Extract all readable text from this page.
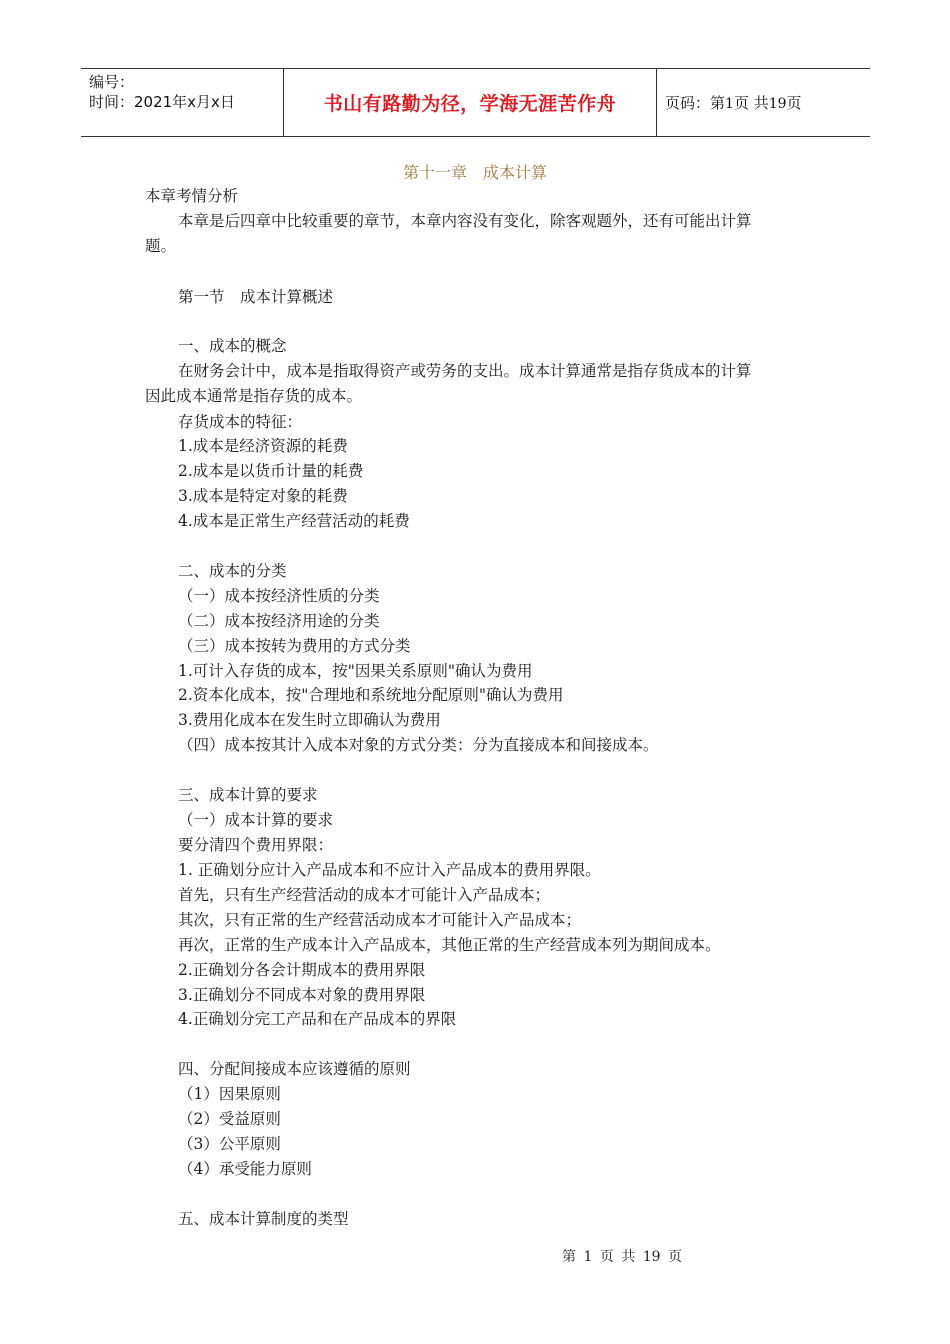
编号：
时间：2021年x月x日	书山有路勤为径，学海无涯苦作舟	页码：第1页 共19页
第十一章　成本计算
本章考情分析
本章是后四章中比较重要的章节，本章内容没有变化，除客观题外，还有可能出计算
题。
第一节　成本计算概述
一、成本的概念
在财务会计中，成本是指取得资产或劳务的支出。成本计算通常是指存货成本的计算
因此成本通常是指存货的成本。
存货成本的特征：
1.成本是经济资源的耗费
2.成本是以货币计量的耗费
3.成本是特定对象的耗费
4.成本是正常生产经营活动的耗费
二、成本的分类
（一）成本按经济性质的分类
（二）成本按经济用途的分类
（三）成本按转为费用的方式分类
1.可计入存货的成本，按"因果关系原则"确认为费用
2.资本化成本，按"合理地和系统地分配原则"确认为费用
3.费用化成本在发生时立即确认为费用
（四）成本按其计入成本对象的方式分类：分为直接成本和间接成本。
三、成本计算的要求
（一）成本计算的要求
要分清四个费用界限：
1. 正确划分应计入产品成本和不应计入产品成本的费用界限。
首先，只有生产经营活动的成本才可能计入产品成本；
其次，只有正常的生产经营活动成本才可能计入产品成本；
再次，正常的生产成本计入产品成本，其他正常的生产经营成本列为期间成本。
2.正确划分各会计期成本的费用界限
3.正确划分不同成本对象的费用界限
4.正确划分完工产品和在产品成本的界限
四、分配间接成本应该遵循的原则
（1）因果原则
（2）受益原则
（3）公平原则
（4）承受能力原则
五、成本计算制度的类型
第 1 页 共 19 页
